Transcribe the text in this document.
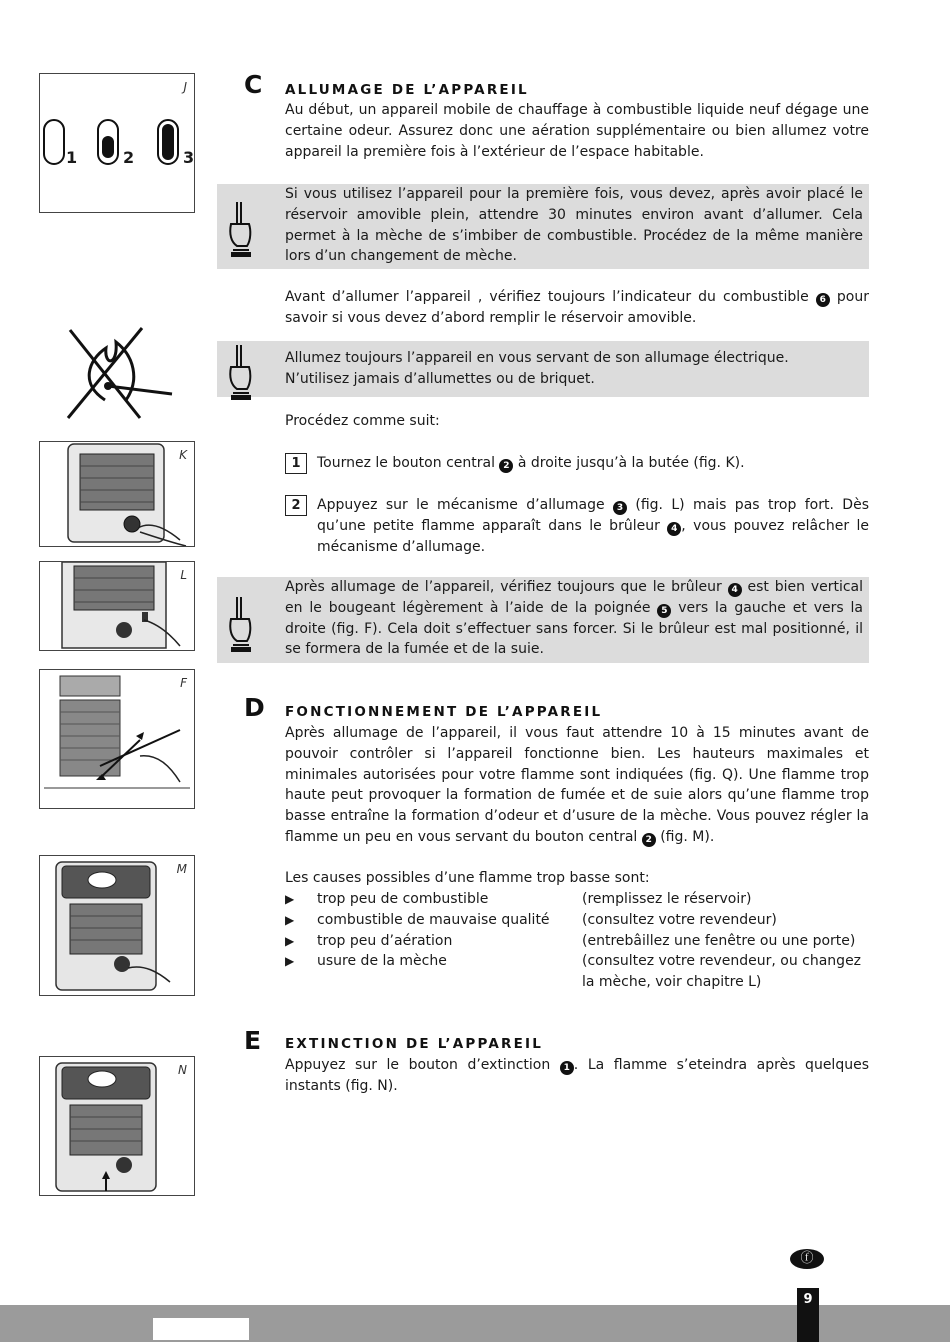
J
1	2	3
K
L
F
M
N
C ALLUMAGE DE L’APPAREIL

Au début, un appareil mobile de chauffage à combustible liquide neuf dégage une certaine odeur. Assurez donc une aération supplémentaire ou bien allumez votre appareil la première fois à l’extérieur de l’espace habitable.

Si vous utilisez l’appareil pour la première fois, vous devez, après avoir placé le réservoir amovible plein, attendre 30 minutes environ avant d’allumer. Cela permet à la mèche de s’imbiber de combustible. Procédez de la même manière lors d’un changement de mèche.

Avant d’allumer l’appareil , vérifiez toujours l’indicateur du combustible 6 pour savoir si vous devez d’abord remplir le réservoir amovible.

Allumez toujours l’appareil en vous servant de son allumage électrique.

N’utilisez jamais d’allumettes ou de briquet.

Procédez comme suit:

1	Tournez le bouton central 2 à droite jusqu’à la butée (fig. K).

2	Appuyez sur le mécanisme d’allumage 3 (fig. L) mais pas trop fort. Dès qu’une petite flamme apparaît dans le brûleur 4 , vous pouvez relâcher le mécanisme d’allumage.

Après allumage de l’appareil, vérifiez toujours que le brûleur 4 est bien vertical en le bougeant légèrement à l’aide de la poignée 5 vers la gauche et vers la droite (fig. F). Cela doit s’effectuer sans forcer. Si le brûleur est mal positionné, il se formera de la fumée et de la suie.

D FONCTIONNEMENT DE L’APPAREIL

Après allumage de l’appareil, il vous faut attendre 10 à 15 minutes avant de pouvoir contrôler si l’appareil fonctionne bien. Les hauteurs maximales et minimales autorisées pour votre flamme sont indiquées (fig. Q). Une flamme trop haute peut provoquer la formation de fumée et de suie alors qu’une flamme trop basse entraîne la formation d’odeur et d’usure de la mèche. Vous pouvez régler la flamme un peu en vous servant du bouton central 2 (fig. M).

Les causes possibles d’une flamme trop basse sont:

▶ trop peu de combustible	(remplissez le réservoir)
▶ combustible de mauvaise qualité (consultez votre revendeur)
▶ trop peu d’aération	(entrebâillez une fenêtre ou une porte)
▶ usure de la mèche	(consultez votre revendeur, ou changez la mèche, voir chapitre L)
E EXTINCTION DE L’APPAREIL

Appuyez sur le bouton d’extinction 1 . La flamme s’eteindra après quelques instants (fig. N).

ⓕ
9
